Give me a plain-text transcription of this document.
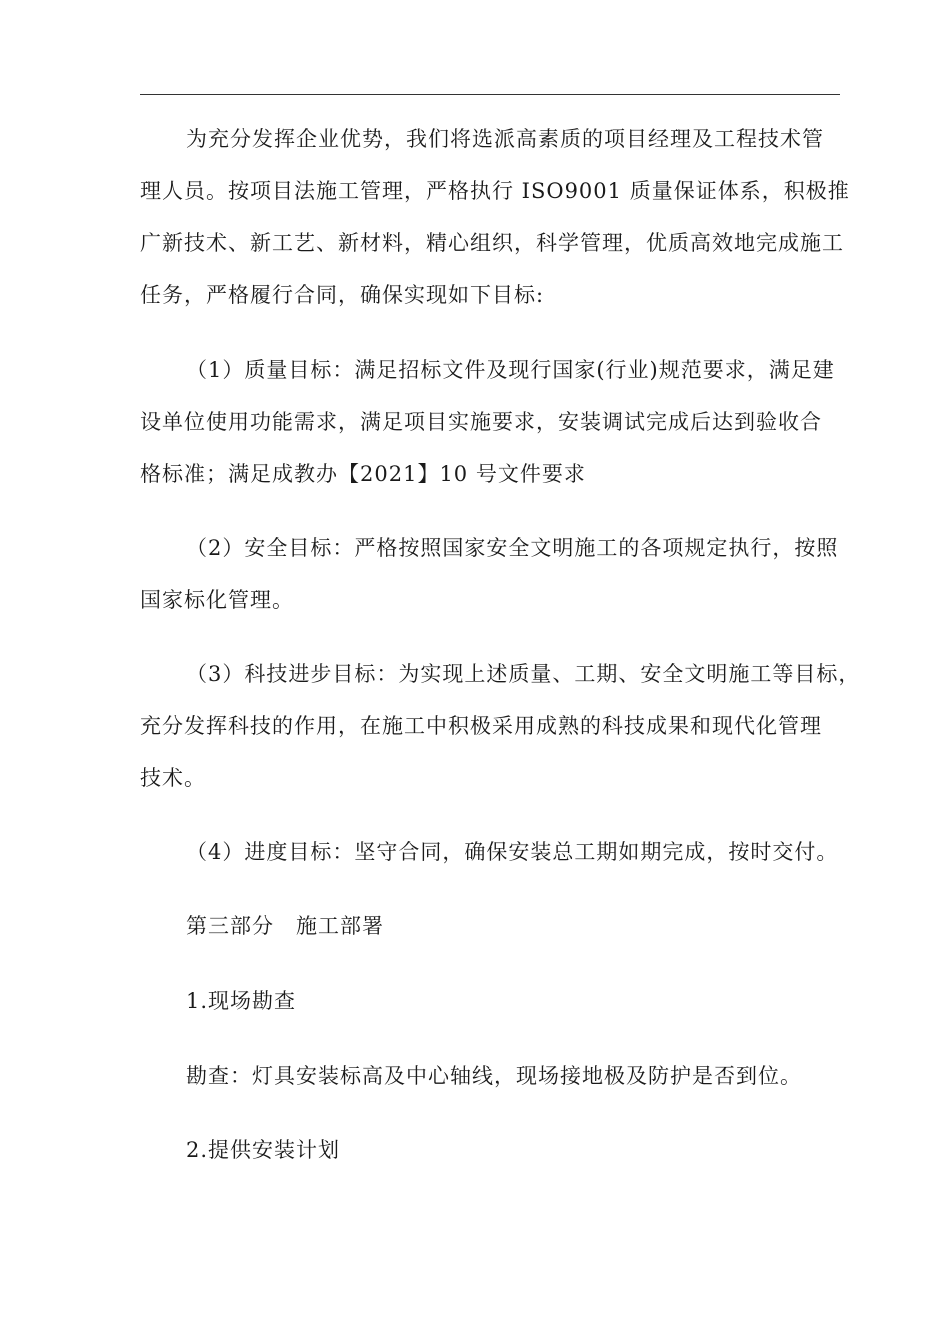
为充分发挥企业优势，我们将选派高素质的项目经理及工程技术管
理人员。按项目法施工管理，严格执行 ISO9001 质量保证体系，积极推
广新技术、新工艺、新材料，精心组织，科学管理，优质高效地完成施工
任务，严格履行合同，确保实现如下目标:
（1）质量目标：满足招标文件及现行国家(行业)规范要求，满足建
设单位使用功能需求，满足项目实施要求，安装调试完成后达到验收合
格标准；满足成教办【2021】10 号文件要求
（2）安全目标：严格按照国家安全文明施工的各项规定执行，按照
国家标化管理。
（3）科技进步目标：为实现上述质量、工期、安全文明施工等目标，
充分发挥科技的作用，在施工中积极采用成熟的科技成果和现代化管理
技术。
（4）进度目标：坚守合同，确保安装总工期如期完成，按时交付。
第三部分　施工部署
1.现场勘查
勘查：灯具安装标高及中心轴线，现场接地极及防护是否到位。
2.提供安装计划
